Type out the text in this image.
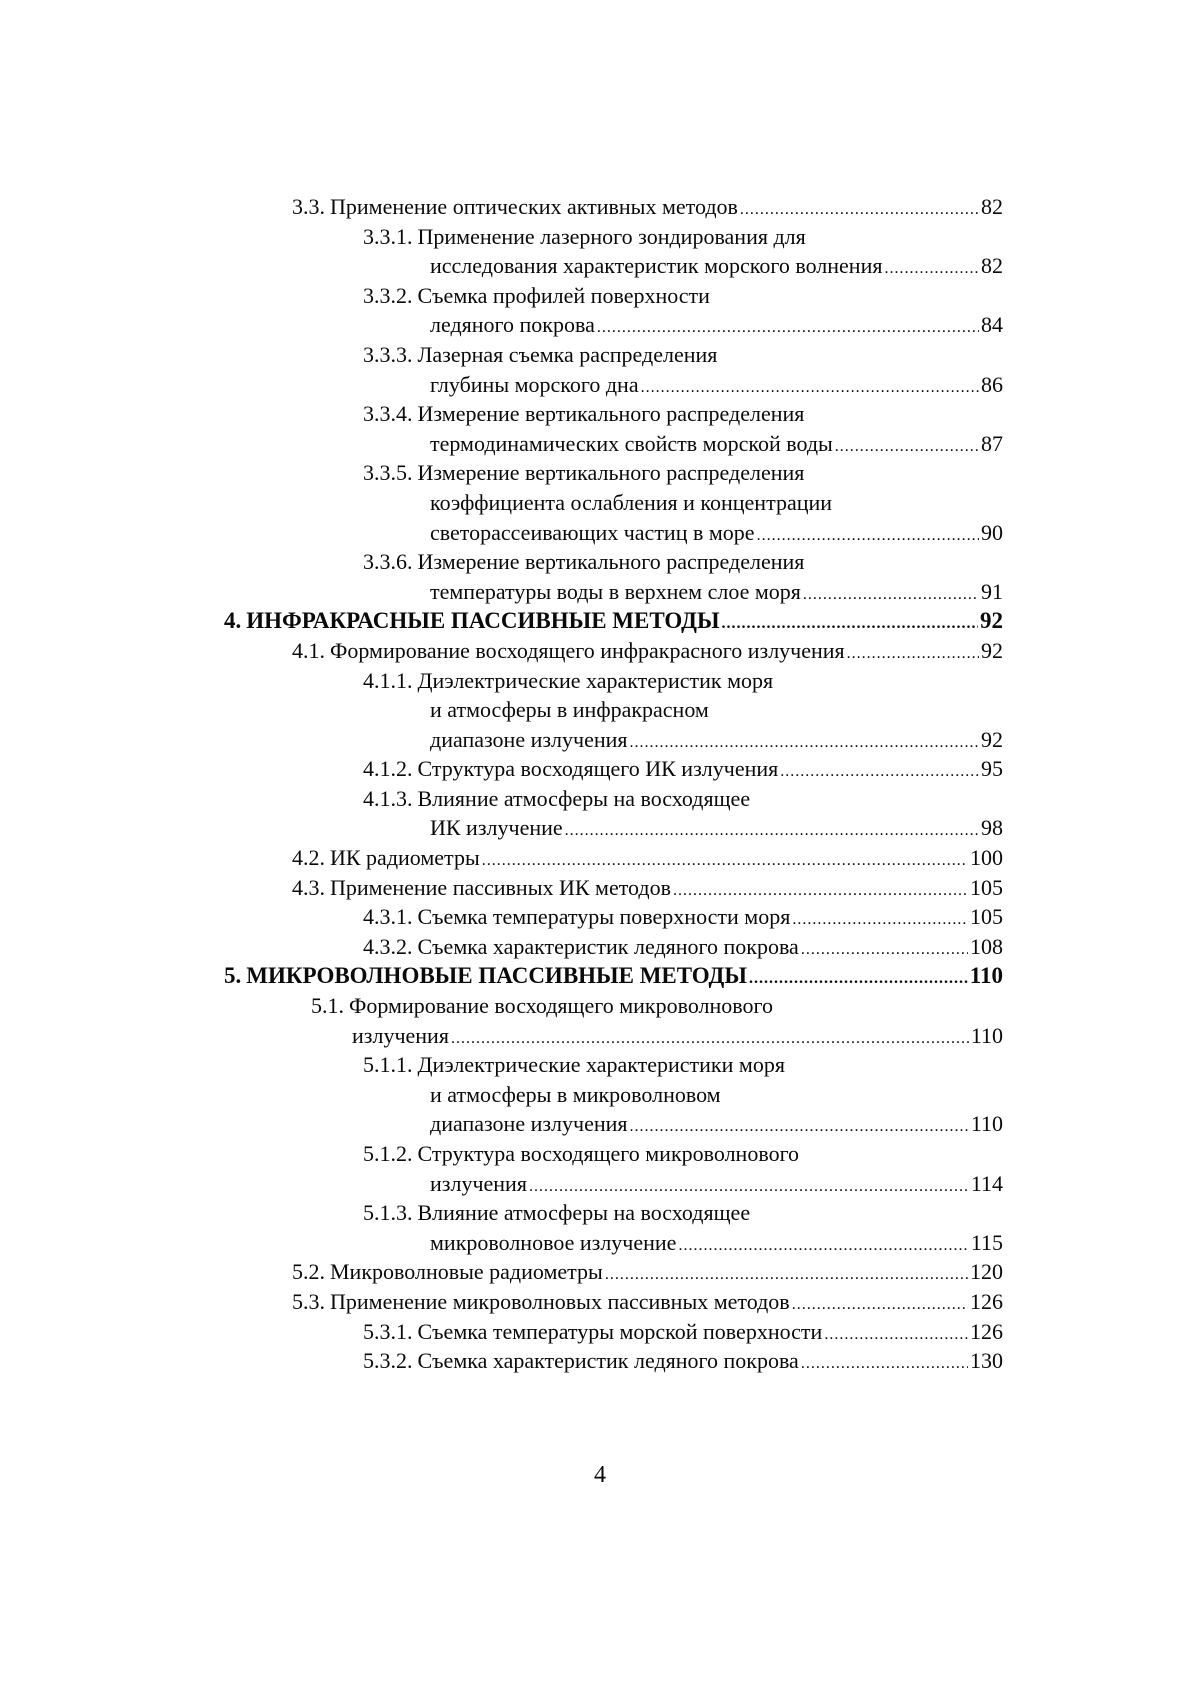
3.3. Применение оптических активных методов .....	82
3.3.1. Применение лазерного зондирования для
исследования характеристик морского волнения .....	82
3.3.2. Съемка профилей поверхности
ледяного покрова .....	84
3.3.3. Лазерная съемка распределения
глубины морского дна .....	86
3.3.4. Измерение вертикального распределения
термодинамических свойств морской воды .....	87
3.3.5. Измерение вертикального распределения
коэффициента ослабления и концентрации
светорассеивающих частиц в море .....	90
3.3.6. Измерение вертикального распределения
температуры воды в верхнем слое моря .....	91
4. ИНФРАКРАСНЫЕ ПАССИВНЫЕ МЕТОДЫ .....	92
4.1. Формирование восходящего инфракрасного излучения .....	92
4.1.1. Диэлектрические характеристик моря
и атмосферы в инфракрасном
диапазоне излучения .....	92
4.1.2. Структура восходящего ИК излучения .....	95
4.1.3. Влияние атмосферы на восходящее
ИК излучение .....	98
4.2. ИК радиометры .....	100
4.3. Применение пассивных ИК методов .....	105
4.3.1. Съемка температуры поверхности моря .....	105
4.3.2. Съемка характеристик ледяного покрова .....	108
5. МИКРОВОЛНОВЫЕ ПАССИВНЫЕ МЕТОДЫ .....	110
5.1. Формирование восходящего микроволнового
излучения .....	110
5.1.1. Диэлектрические характеристики моря
и атмосферы в микроволновом
диапазоне излучения .....	110
5.1.2. Структура восходящего микроволнового
излучения .....	114
5.1.3. Влияние атмосферы на восходящее
микроволновое излучение .....	115
5.2. Микроволновые радиометры .....	120
5.3. Применение микроволновых пассивных методов .....	126
5.3.1. Съемка температуры морской поверхности .....	126
5.3.2. Съемка характеристик ледяного покрова .....	130
4
